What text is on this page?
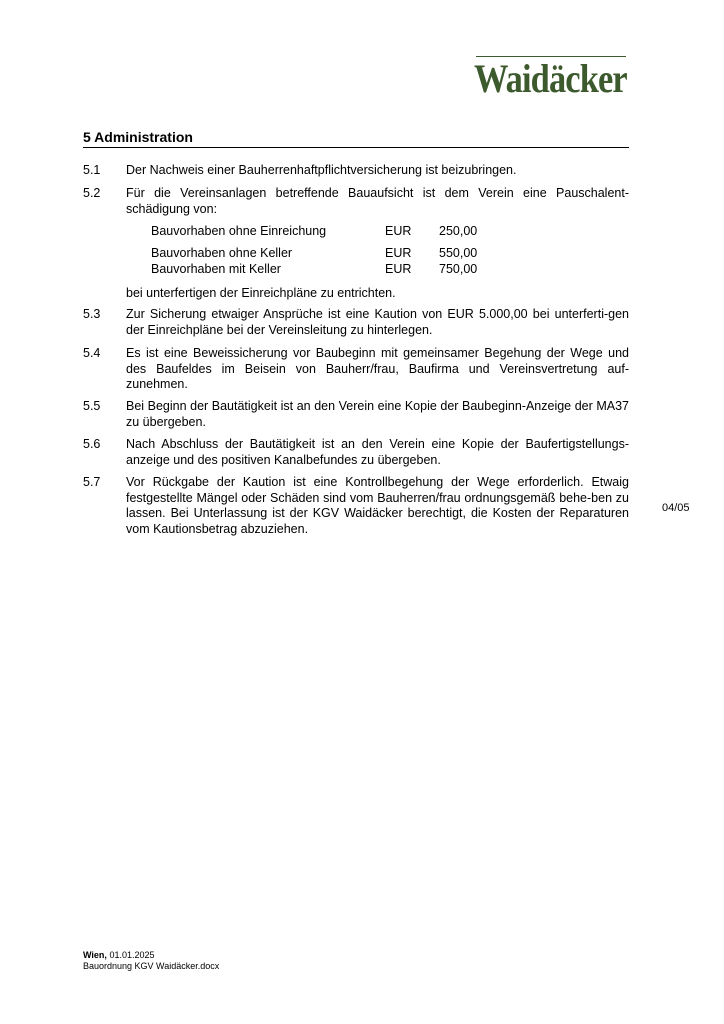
Waidäcker
5 Administration
5.1	Der Nachweis einer Bauherrenhaftpflichtversicherung ist beizubringen.
5.2	Für die Vereinsanlagen betreffende Bauaufsicht ist dem Verein eine Pauschalent-schädigung von:
Bauvorhaben ohne Einreichung	EUR 250,00
Bauvorhaben ohne Keller	EUR 550,00
Bauvorhaben mit Keller	EUR 750,00
bei unterfertigen der Einreichpläne zu entrichten.
5.3	Zur Sicherung etwaiger Ansprüche ist eine Kaution von EUR 5.000,00 bei unterferti-gen der Einreichpläne bei der Vereinsleitung zu hinterlegen.
5.4	Es ist eine Beweissicherung vor Baubeginn mit gemeinsamer Begehung der Wege und des Baufeldes im Beisein von Bauherr/frau, Baufirma und Vereinsvertretung auf-zunehmen.
5.5	Bei Beginn der Bautätigkeit ist an den Verein eine Kopie der Baubeginn-Anzeige der MA37 zu übergeben.
5.6	Nach Abschluss der Bautätigkeit ist an den Verein eine Kopie der Baufertigstellungs-anzeige und des positiven Kanalbefundes zu übergeben.
5.7	Vor Rückgabe der Kaution ist eine Kontrollbegehung der Wege erforderlich. Etwaig festgestellte Mängel oder Schäden sind vom Bauherren/frau ordnungsgemäß behe-ben zu lassen. Bei Unterlassung ist der KGV Waidäcker berechtigt, die Kosten der Reparaturen vom Kautionsbetrag abzuziehen.
04/05
Wien, 01.01.2025
Bauordnung KGV Waidäcker.docx
